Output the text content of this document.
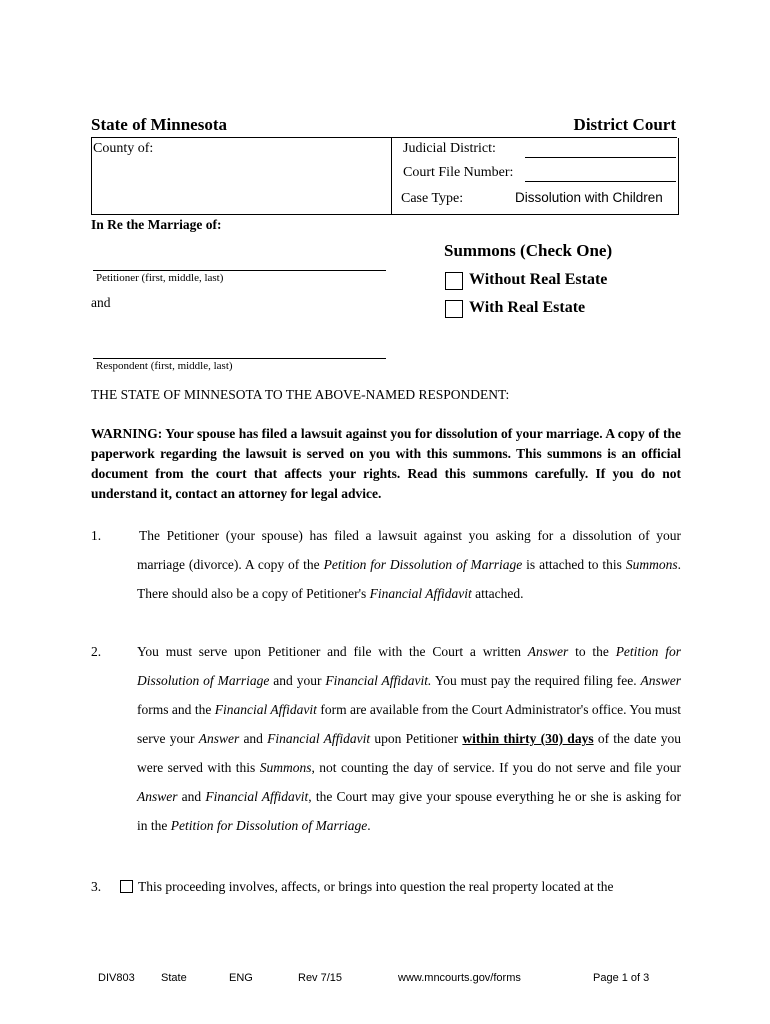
State of Minnesota	District Court
County of:	Judicial District:
Court File Number:
Case Type:	Dissolution with Children
In Re the Marriage of:
Petitioner (first, middle, last)
and
Respondent (first, middle, last)
Summons (Check One)
Without Real Estate
With Real Estate
THE STATE OF MINNESOTA TO THE ABOVE-NAMED RESPONDENT:
WARNING: Your spouse has filed a lawsuit against you for dissolution of your marriage. A copy of the paperwork regarding the lawsuit is served on you with this summons. This summons is an official document from the court that affects your rights. Read this summons carefully. If you do not understand it, contact an attorney for legal advice.
1.	The Petitioner (your spouse) has filed a lawsuit against you asking for a dissolution of your marriage (divorce). A copy of the Petition for Dissolution of Marriage is attached to this Summons. There should also be a copy of Petitioner's Financial Affidavit attached.
2.	You must serve upon Petitioner and file with the Court a written Answer to the Petition for Dissolution of Marriage and your Financial Affidavit. You must pay the required filing fee. Answer forms and the Financial Affidavit form are available from the Court Administrator's office. You must serve your Answer and Financial Affidavit upon Petitioner within thirty (30) days of the date you were served with this Summons, not counting the day of service. If you do not serve and file your Answer and Financial Affidavit, the Court may give your spouse everything he or she is asking for in the Petition for Dissolution of Marriage.
3.	This proceeding involves, affects, or brings into question the real property located at the
DIV803 State	ENG	Rev 7/15	www.mncourts.gov/forms	Page 1 of 3
